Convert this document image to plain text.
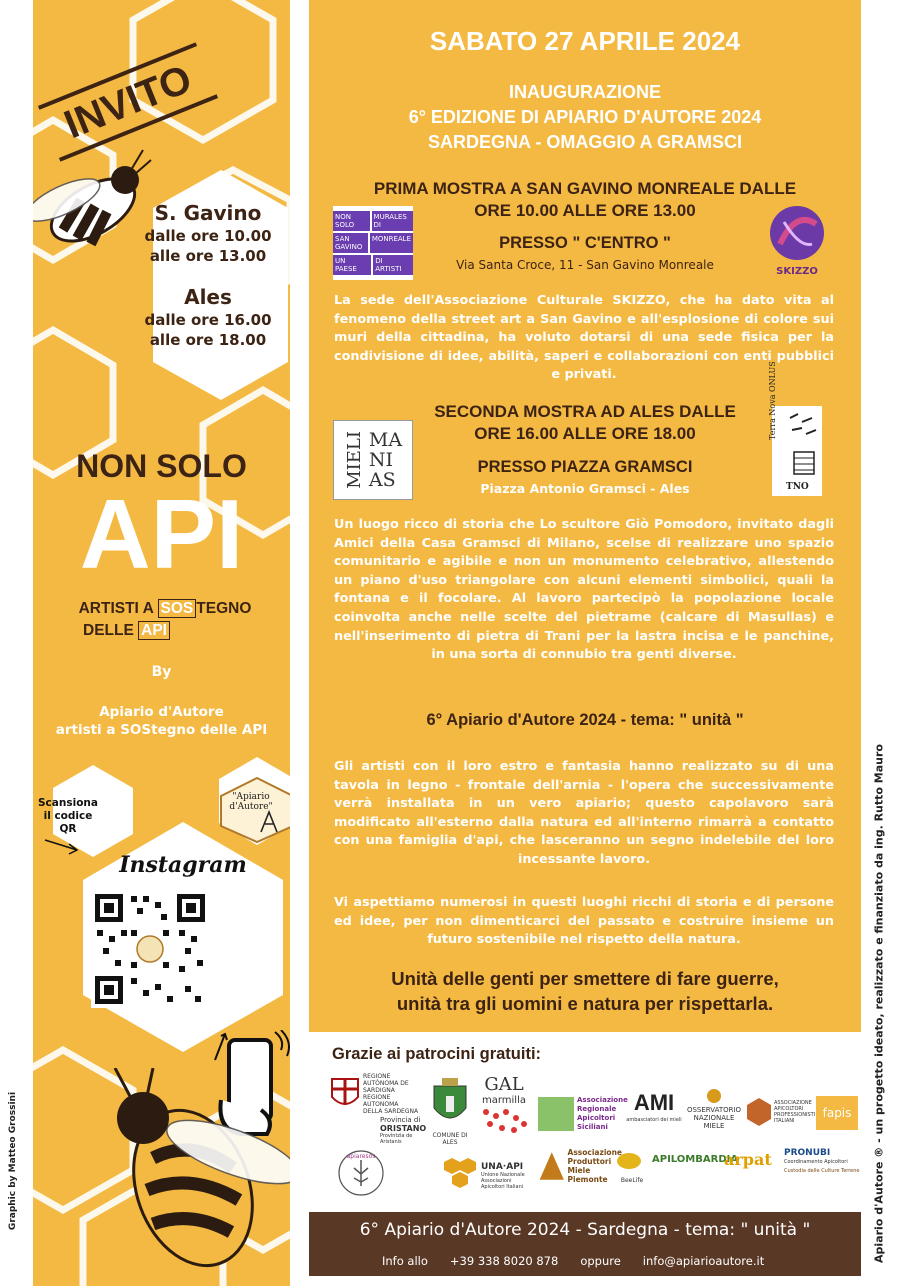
INVITO
S. Gavino
dalle ore 10.00
alle ore 13.00
Ales
dalle ore 16.00
alle ore 18.00
NON SOLO
API
ARTISTI A SOS TEGNO
DELLE API
By
Apiario d'Autore
artisti a SOStegno delle API
Scansiona
il codice
QR
"Apiario d'Autore"
Instagram
Graphic by Matteo Grossini
SABATO 27 APRILE 2024
INAUGURAZIONE
6° EDIZIONE DI APIARIO D'AUTORE 2024
SARDEGNA - OMAGGIO A GRAMSCI
PRIMA MOSTRA A SAN GAVINO MONREALE DALLE
ORE 10.00 ALLE ORE 13.00
NON SOLO
MURALES DI
SAN GAVINO
MONREALE
UN PAESE
DI ARTISTI
PRESSO " C'ENTRO "
Via Santa Croce, 11 - San Gavino Monreale	SKIZZO
La sede dell'Associazione Culturale SKIZZO, che ha dato vita al fenomeno della street art a San Gavino e all'esplosione di colore sui muri della cittadina, ha voluto dotarsi di una sede fisica per la condivisione di idee, abilità, saperi e collaborazioni con enti pubblici e privati.
SECONDA MOSTRA AD ALES DALLE
ORE 16.00 ALLE ORE 18.00
MIELI MA
NI
AS
PRESSO PIAZZA GRAMSCI
Piazza Antonio Gramsci - Ales
Terra Nova ONLUS
TNO
Un luogo ricco di storia che Lo scultore Giò Pomodoro, invitato dagli Amici della Casa Gramsci di Milano, scelse di realizzare uno spazio comunitario e agibile e non un monumento celebrativo, allestendo un piano d'uso triangolare con alcuni elementi simbolici, quali la fontana e il focolare. Al lavoro partecipò la popolazione locale coinvolta anche nelle scelte del pietrame (calcare di Masullas) e nell'inserimento di pietra di Trani per la lastra incisa e le panchine, in una sorta di connubio tra genti diverse.
6° Apiario d'Autore 2024 - tema: " unità "
Gli artisti con il loro estro e fantasia hanno realizzato su di una tavola in legno - frontale dell'arnia - l'opera che successivamente verrà installata in un vero apiario; questo capolavoro sarà modificato all'esterno dalla natura ed all'interno rimarrà a contatto con una famiglia d'api, che lasceranno un segno indelebile del loro incessante lavoro.
Vi aspettiamo numerosi in questi luoghi ricchi di storia e di persone ed idee, per non dimenticarci del passato e costruire insieme un futuro sostenibile nel rispetto della natura.
Unità delle genti per smettere di fare guerre,
unità tra gli uomini e natura per rispettarla.
Grazie ai patrocini gratuiti:
REGIONE AUTÒNOMA DE SARDIGNA REGIONE AUTONOMA DELLA SARDEGNA
Provincia di
ORISTANO
Provìntzia de Aristanis
COMUNE DI ALES
GAL
marmilla	Associazione Regionale Apicoltori Siciliani
AMI
ambasciatori dei mieli
OSSERVATORIO
NAZIONALE
MIELE
ASSOCIAZIONE APICOLTORI PROFESSIONISTI ITALIANI
fapis
apiaresos
UNA·API
Unione Nazionale Associazioni Apicoltori Italiani
Associazione
Produttori
Miele
Piemonte	BeeLife
APILOMBARDIA
arpat	PRONUBI
Coordinamento Apicoltori
Custodia delle Culture Terrene
6° Apiario d'Autore 2024 - Sardegna - tema: " unità "
Info allo +39 338 8020 878 oppure info@apiarioautore.it	Apiario d'Autore ® - un progetto ideato, realizzato e finanziato da ing. Rutto Mauro
